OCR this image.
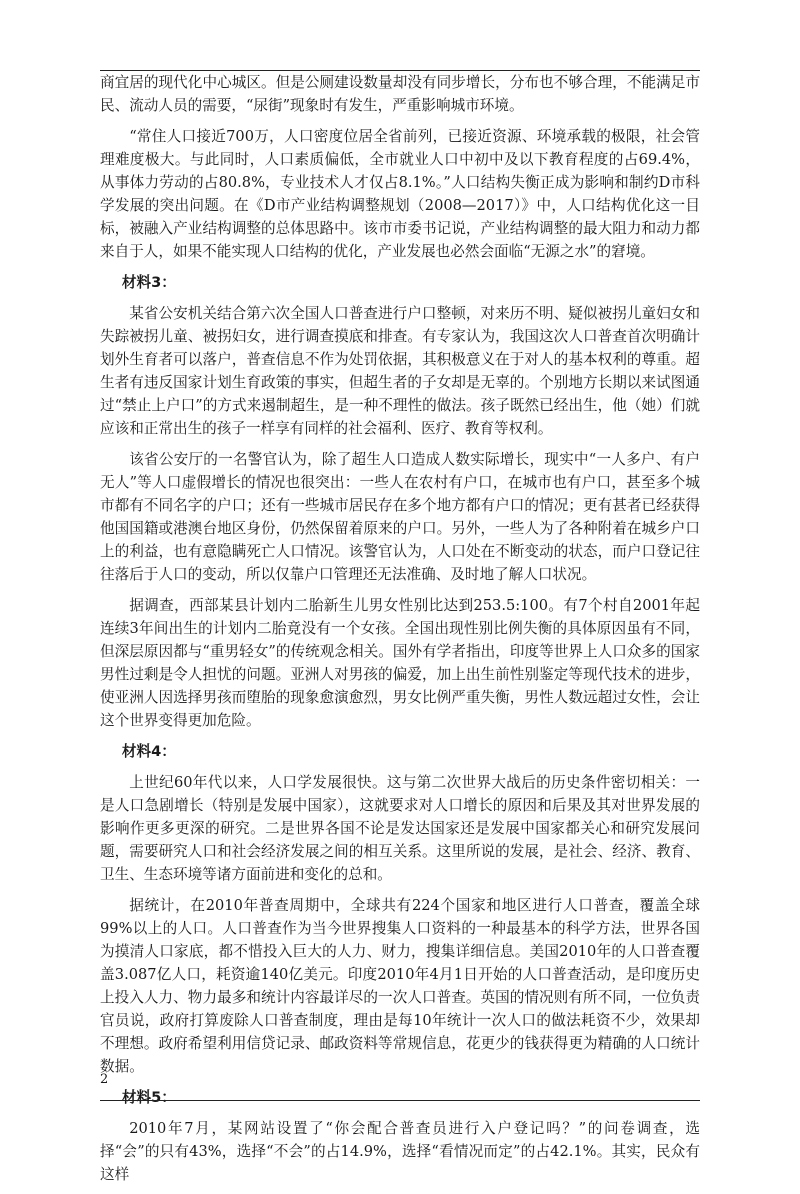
商宜居的现代化中心城区。但是公厕建设数量却没有同步增长，分布也不够合理，不能满足市民、流动人员的需要，“尿街”现象时有发生，严重影响城市环境。

“常住人口接近700万，人口密度位居全省前列，已接近资源、环境承载的极限，社会管理难度极大。与此同时，人口素质偏低，全市就业人口中初中及以下教育程度的占69.4%，从事体力劳动的占80.8%，专业技术人才仅占8.1%。”人口结构失衡正成为影响和制约D市科学发展的突出问题。在《D市产业结构调整规划（2008—2017）》中，人口结构优化这一目标，被融入产业结构调整的总体思路中。该市市委书记说，产业结构调整的最大阻力和动力都来自于人，如果不能实现人口结构的优化，产业发展也必然会面临“无源之水”的窘境。

材料3：

某省公安机关结合第六次全国人口普查进行户口整顿，对来历不明、疑似被拐儿童妇女和失踪被拐儿童、被拐妇女，进行调查摸底和排查。有专家认为，我国这次人口普查首次明确计划外生育者可以落户，普查信息不作为处罚依据，其积极意义在于对人的基本权利的尊重。超生者有违反国家计划生育政策的事实，但超生者的子女却是无辜的。个别地方长期以来试图通过“禁止上户口”的方式来遏制超生，是一种不理性的做法。孩子既然已经出生，他（她）们就应该和正常出生的孩子一样享有同样的社会福利、医疗、教育等权利。

该省公安厅的一名警官认为，除了超生人口造成人数实际增长，现实中“一人多户、有户无人”等人口虚假增长的情况也很突出：一些人在农村有户口，在城市也有户口，甚至多个城市都有不同名字的户口；还有一些城市居民存在多个地方都有户口的情况；更有甚者已经获得他国国籍或港澳台地区身份，仍然保留着原来的户口。另外，一些人为了各种附着在城乡户口上的利益，也有意隐瞒死亡人口情况。该警官认为，人口处在不断变动的状态，而户口登记往往落后于人口的变动，所以仅靠户口管理还无法准确、及时地了解人口状况。

据调查，西部某县计划内二胎新生儿男女性别比达到253.5:100。有7个村自2001年起连续3年间出生的计划内二胎竟没有一个女孩。全国出现性别比例失衡的具体原因虽有不同，但深层原因都与“重男轻女”的传统观念相关。国外有学者指出，印度等世界上人口众多的国家男性过剩是令人担忧的问题。亚洲人对男孩的偏爱，加上出生前性别鉴定等现代技术的进步，使亚洲人因选择男孩而堕胎的现象愈演愈烈，男女比例严重失衡，男性人数远超过女性，会让这个世界变得更加危险。

材料4：

上世纪60年代以来，人口学发展很快。这与第二次世界大战后的历史条件密切相关：一是人口急剧增长（特别是发展中国家），这就要求对人口增长的原因和后果及其对世界发展的影响作更多更深的研究。二是世界各国不论是发达国家还是发展中国家都关心和研究发展问题，需要研究人口和社会经济发展之间的相互关系。这里所说的发展，是社会、经济、教育、卫生、生态环境等诸方面前进和变化的总和。

据统计，在2010年普查周期中，全球共有224个国家和地区进行人口普查，覆盖全球99%以上的人口。人口普查作为当今世界搜集人口资料的一种最基本的科学方法，世界各国为摸清人口家底，都不惜投入巨大的人力、财力，搜集详细信息。美国2010年的人口普查覆盖3.087亿人口，耗资逾140亿美元。印度2010年4月1日开始的人口普查活动，是印度历史上投入人力、物力最多和统计内容最详尽的一次人口普查。英国的情况则有所不同，一位负责官员说，政府打算废除人口普查制度，理由是每10年统计一次人口的做法耗资不少，效果却不理想。政府希望利用信贷记录、邮政资料等常规信息，花更少的钱获得更为精确的人口统计数据。

材料5：

2010年7月，某网站设置了“你会配合普查员进行入户登记吗？”的问卷调查，选择“会”的只有43%，选择“不会”的占14.9%，选择“看情况而定”的占42.1%。其实，民众有这样

2
